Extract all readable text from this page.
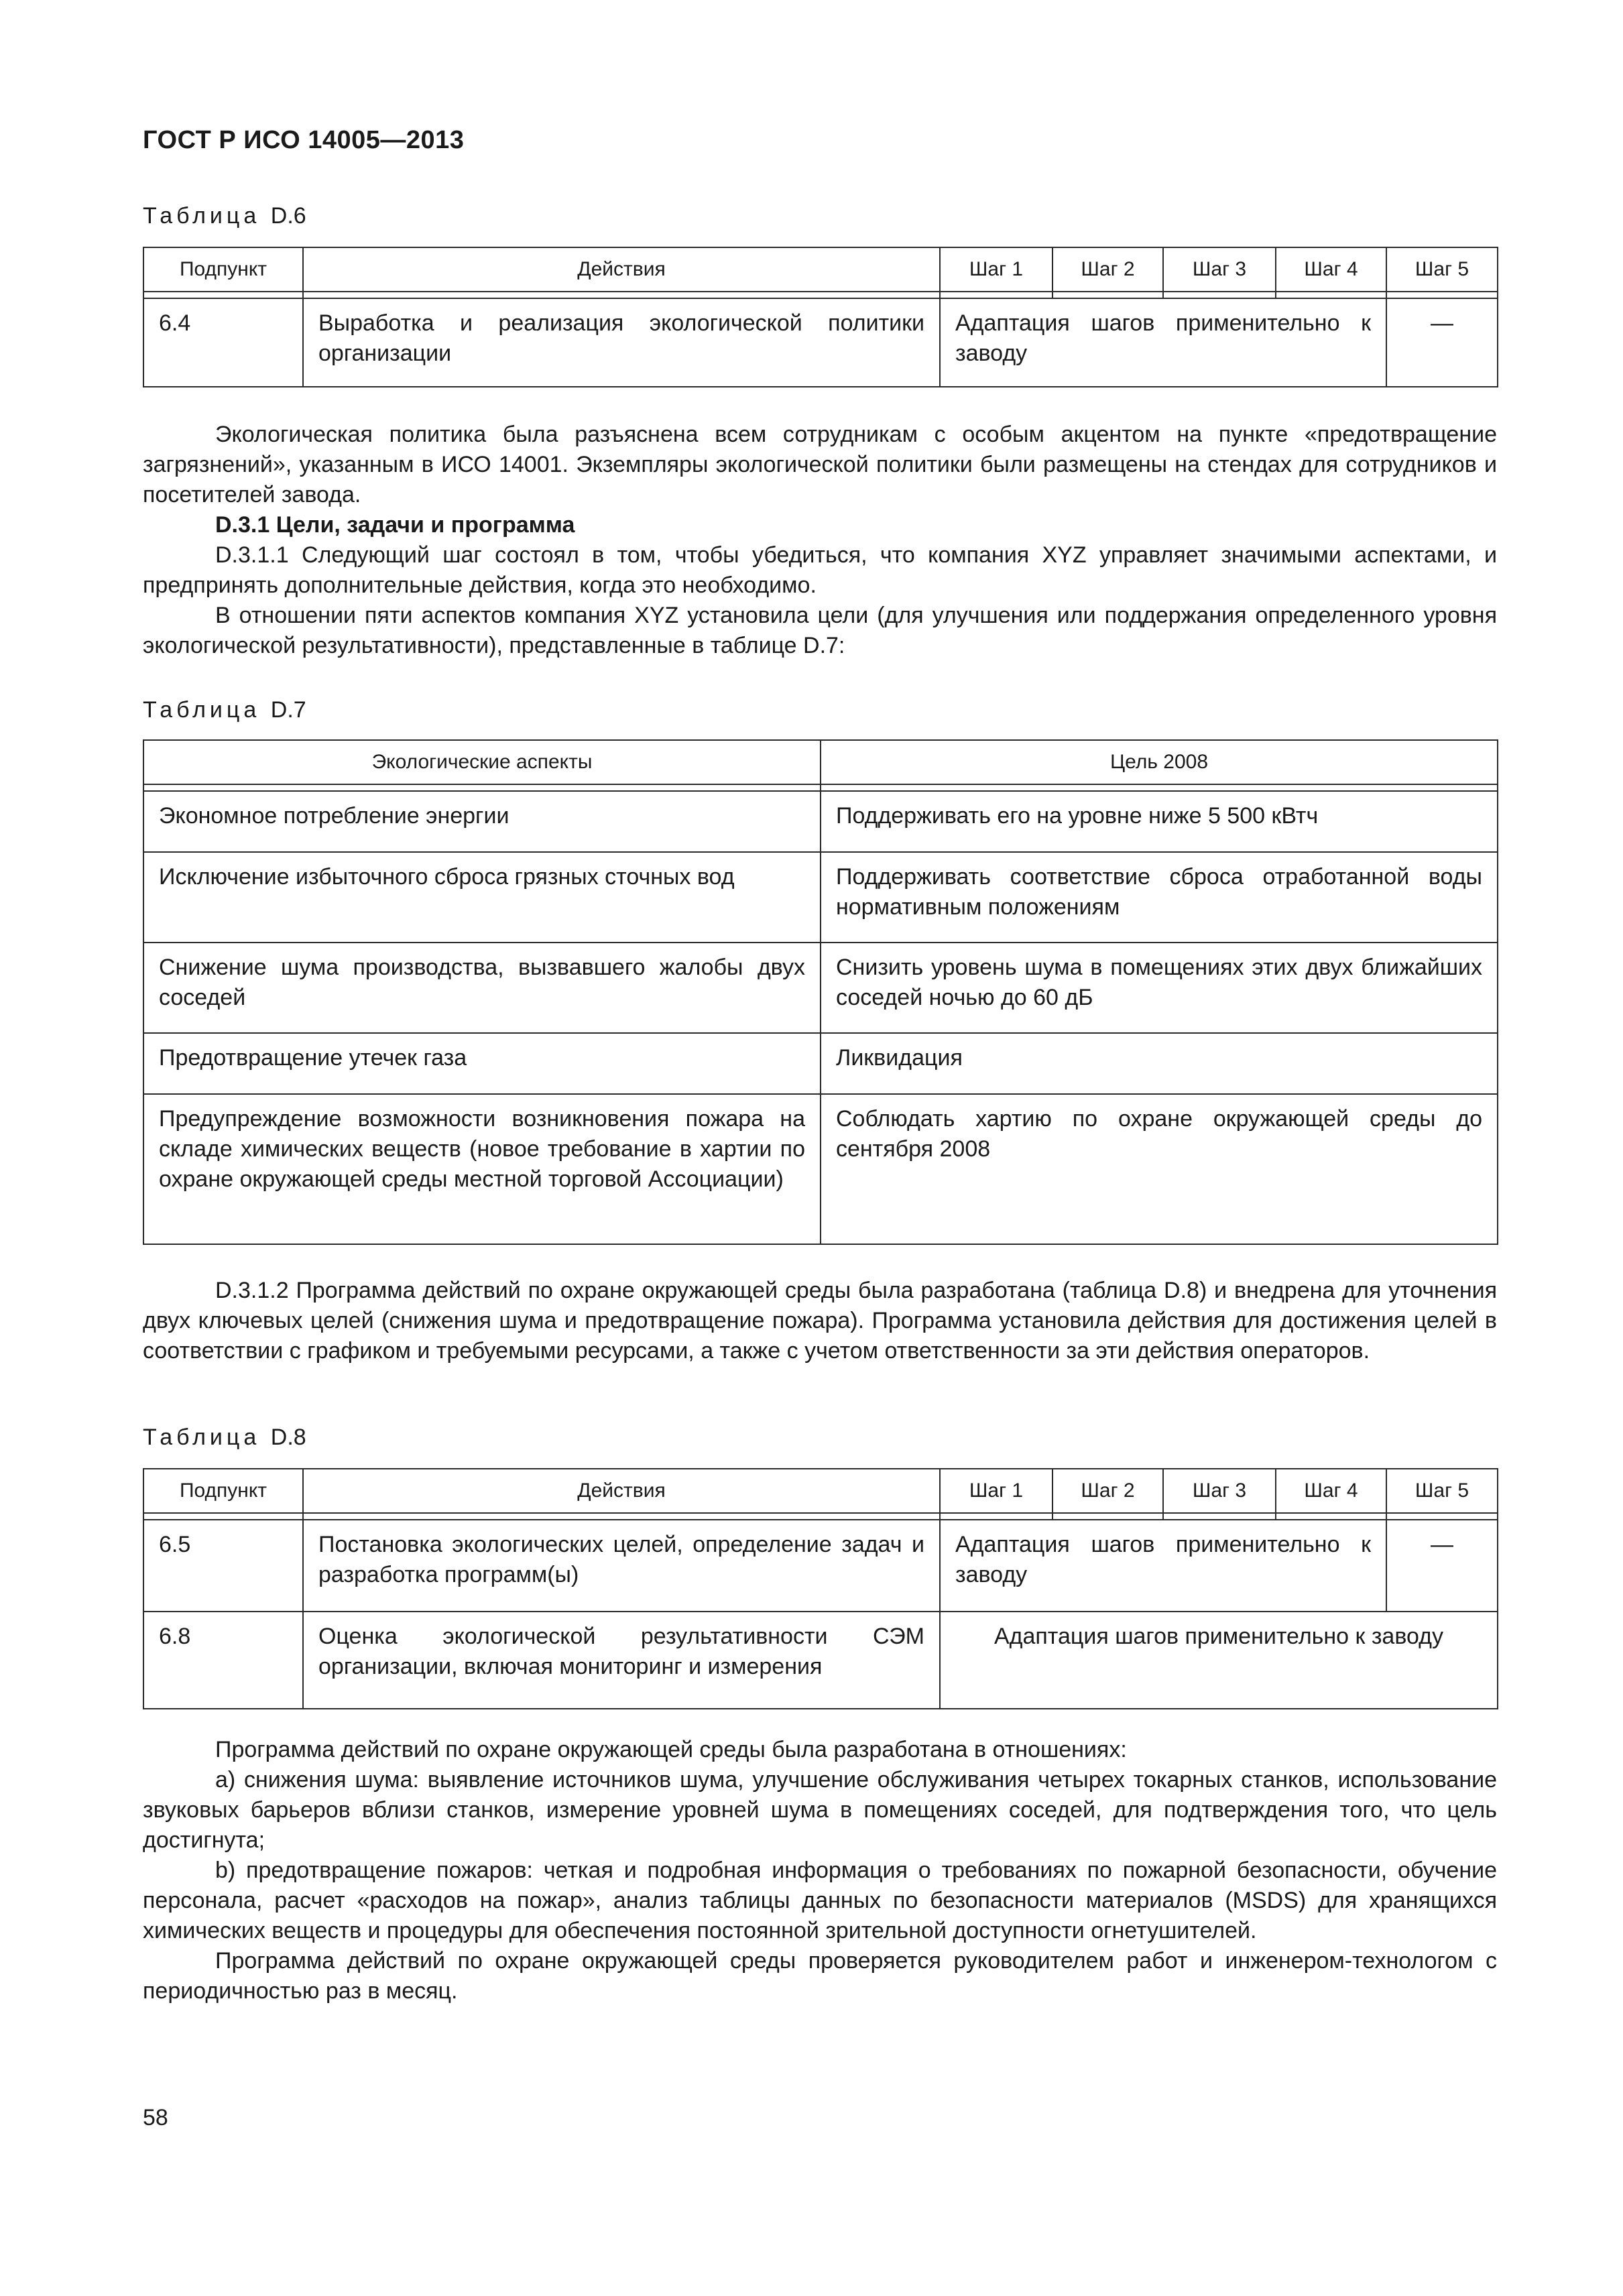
ГОСТ Р ИСО 14005—2013
Таблица D.6
Подпункт	Действия	Шаг 1	Шаг 2	Шаг 3	Шаг 4	Шаг 5

6.4	Выработка и реализация экологической политики организации	Адаптация шагов применительно к заводу				—

Экологическая политика была разъяснена всем сотрудникам с особым акцентом на пункте «предотвращение загрязнений», указанным в ИСО 14001. Экземпляры экологической политики были размещены на стендах для сотрудников и посетителей завода.

D.3.1 Цели, задачи и программа

D.3.1.1 Следующий шаг состоял в том, чтобы убедиться, что компания XYZ управляет значимыми аспектами, и предпринять дополнительные действия, когда это необходимо.

В отношении пяти аспектов компания XYZ установила цели (для улучшения или поддержания определенного уровня экологической результативности), представленные в таблице D.7:

Таблица D.7
Экологические аспекты	Цель 2008

Экономное потребление энергии	Поддерживать его на уровне ниже 5 500 кВтч

Исключение избыточного сброса грязных сточных вод	Поддерживать соответствие сброса отработанной воды нормативным положениям

Снижение шума производства, вызвавшего жалобы двух соседей	Снизить уровень шума в помещениях этих двух ближайших соседей ночью до 60 дБ

Предотвращение утечек газа	Ликвидация

Предупреждение возможности возникновения пожара на складе химических веществ (новое требование в хартии по охране окружающей среды местной торговой Ассоциации)	Соблюдать хартию по охране окружающей среды до сентября 2008

D.3.1.2 Программа действий по охране окружающей среды была разработана (таблица D.8) и внедрена для уточнения двух ключевых целей (снижения шума и предотвращение пожара). Программа установила действия для достижения целей в соответствии с графиком и требуемыми ресурсами, а также с учетом ответственности за эти действия операторов.

Таблица D.8
Подпункт	Действия	Шаг 1	Шаг 2	Шаг 3	Шаг 4	Шаг 5

6.5	Постановка экологических целей, определение задач и разработка программ(ы)	Адаптация шагов применительно к заводу				—

6.8	Оценка экологической результативности СЭМ организации, включая мониторинг и измерения	Адаптация шагов применительно к заводу				

Программа действий по охране окружающей среды была разработана в отношениях:

a) снижения шума: выявление источников шума, улучшение обслуживания четырех токарных станков, использование звуковых барьеров вблизи станков, измерение уровней шума в помещениях соседей, для подтверждения того, что цель достигнута;

b) предотвращение пожаров: четкая и подробная информация о требованиях по пожарной безопасности, обучение персонала, расчет «расходов на пожар», анализ таблицы данных по безопасности материалов (MSDS) для хранящихся химических веществ и процедуры для обеспечения постоянной зрительной доступности огнетушителей.

Программа действий по охране окружающей среды проверяется руководителем работ и инженером-технологом с периодичностью раз в месяц.

58
